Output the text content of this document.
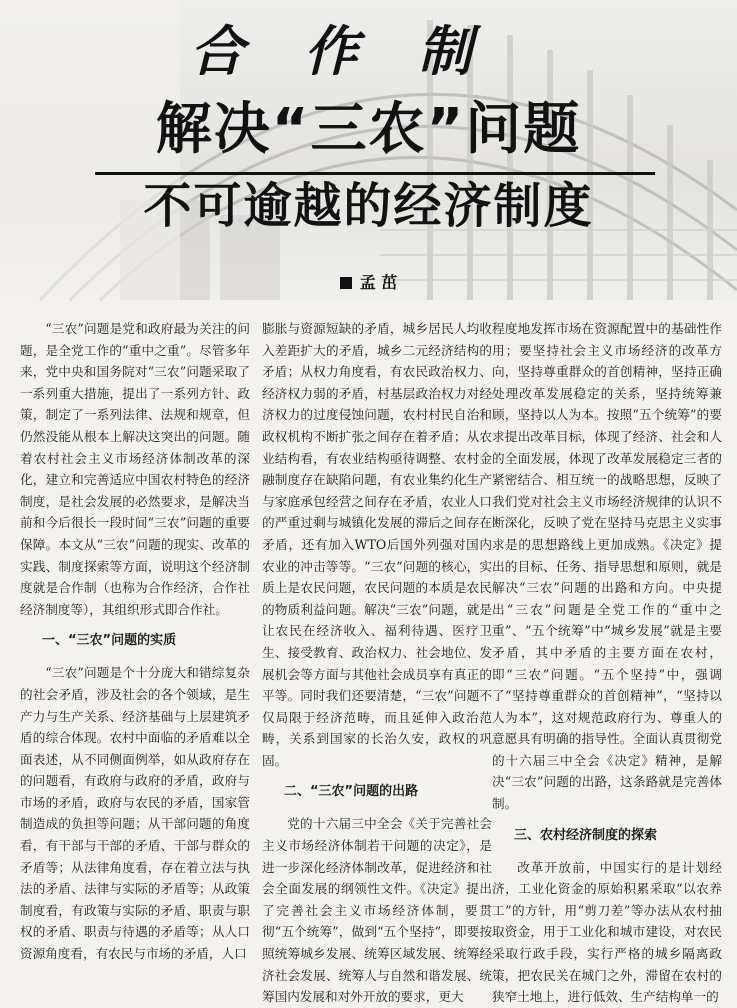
合作制
解决“三农”问题
不可逾越的经济制度
孟 茁

“三农”问题是党和政府最为关注的问题，是全党工作的“重中之重”。尽管多年来，党中央和国务院对“三农”问题采取了一系列重大措施，提出了一系列方针、政策，制定了一系列法律、法规和规章，但仍然没能从根本上解决这突出的问题。随着农村社会主义市场经济体制改革的深化，建立和完善适应中国农村特色的经济制度，是社会发展的必然要求，是解决当前和今后很长一段时间“三农”问题的重要保障。本文从“三农”问题的现实、改革的实践、制度探索等方面，说明这个经济制度就是合作制（也称为合作经济，合作社经济制度等），其组织形式即合作社。

一、“三农”问题的实质

“三农”问题是个十分庞大和错综复杂的社会矛盾，涉及社会的各个领域，是生产力与生产关系、经济基础与上层建筑矛盾的综合体现。农村中面临的矛盾难以全面表述，从不同侧面例举，如从政府存在的问题看，有政府与政府的矛盾，政府与市场的矛盾，政府与农民的矛盾，国家管制造成的负担等问题；从干部问题的角度看，有干部与干部的矛盾、干部与群众的矛盾等；从法律角度看，存在着立法与执法的矛盾、法律与实际的矛盾等；从政策制度看，有政策与实际的矛盾、职责与职权的矛盾、职责与待遇的矛盾等；从人口资源角度看，有农民与市场的矛盾，人口

膨胀与资源短缺的矛盾，城乡居民人均收入差距扩大的矛盾，城乡二元经济结构的矛盾；从权力角度看，有农民政治权力、经济权力弱的矛盾，村基层政治权力对经济权力的过度侵蚀问题，农村村民自治和政权机构不断扩张之间存在着矛盾；从农业结构看，有农业结构亟待调整、农村金融制度存在缺陷问题，有农业集约化生产与家庭承包经营之间存在矛盾，农业人口的严重过剩与城镇化发展的滞后之间存在矛盾，还有加入WTO后国外列强对国内农业的冲击等等。“三农”问题的核心，实质上是农民问题，农民问题的本质是农民的物质利益问题。解决“三农”问题，就是让农民在经济收入、福利待遇、医疗卫生、接受教育、政治权力、社会地位、发展机会等方面与其他社会成员享有真正的平等。同时我们还要清楚，“三农”问题不仅局限于经济范畴，而且延伸入政治范畴，关系到国家的长治久安，政权的巩固。

二、“三农”问题的出路

党的十六届三中全会《关于完善社会主义市场经济体制若干问题的决定》，是进一步深化经济体制改革，促进经济和社会全面发展的纲领性文件。《决定》提出了完善社会主义市场经济体制，要贯彻“五个统筹”，做到“五个坚持”，即要按照统筹城乡发展、统筹区域发展、统筹经济社会发展、统筹人与自然和谐发展、统筹国内发展和对外开放的要求，更大

程度地发挥市场在资源配置中的基础性作用；要坚持社会主义市场经济的改革方向，坚持尊重群众的首创精神，坚持正确处理改革发展稳定的关系，坚持统筹兼顾，坚持以人为本。按照“五个统筹”的要求提出改革目标，体现了经济、社会和人的全面发展，体现了改革发展稳定三者的紧密结合、相互统一的战略思想，反映了我们党对社会主义市场经济规律的认识不断深化，反映了党在坚持马克思主义实事求是的思想路线上更加成熟。《决定》提出的目标、任务、指导思想和原则，就是解决“三农”问题的出路和方向。中央提出“三农”问题是全党工作的“重中之重”、“五个统筹”中“城乡发展”就是主要矛盾，其中矛盾的主要方面在农村，即“三农”问题。“五个坚持”中，强调了“坚持尊重群众的首创精神”，“坚持以人为本”，这对规范政府行为、尊重人的意愿具有明确的指导性。全面认真贯彻党的十六届三中全会《决定》精神，是解决“三农”问题的出路，这条路就是完善体制。

三、农村经济制度的探索

改革开放前，中国实行的是计划经济，工业化资金的原始积累采取“以农养工”的方针，用“剪刀差”等办法从农村抽取资金，用于工业化和城市建设，对农民采取行政手段，实行严格的城乡隔离政策，把农民关在城门之外，滞留在农村的狭窄土地上，进行低效、生产结构单一的
